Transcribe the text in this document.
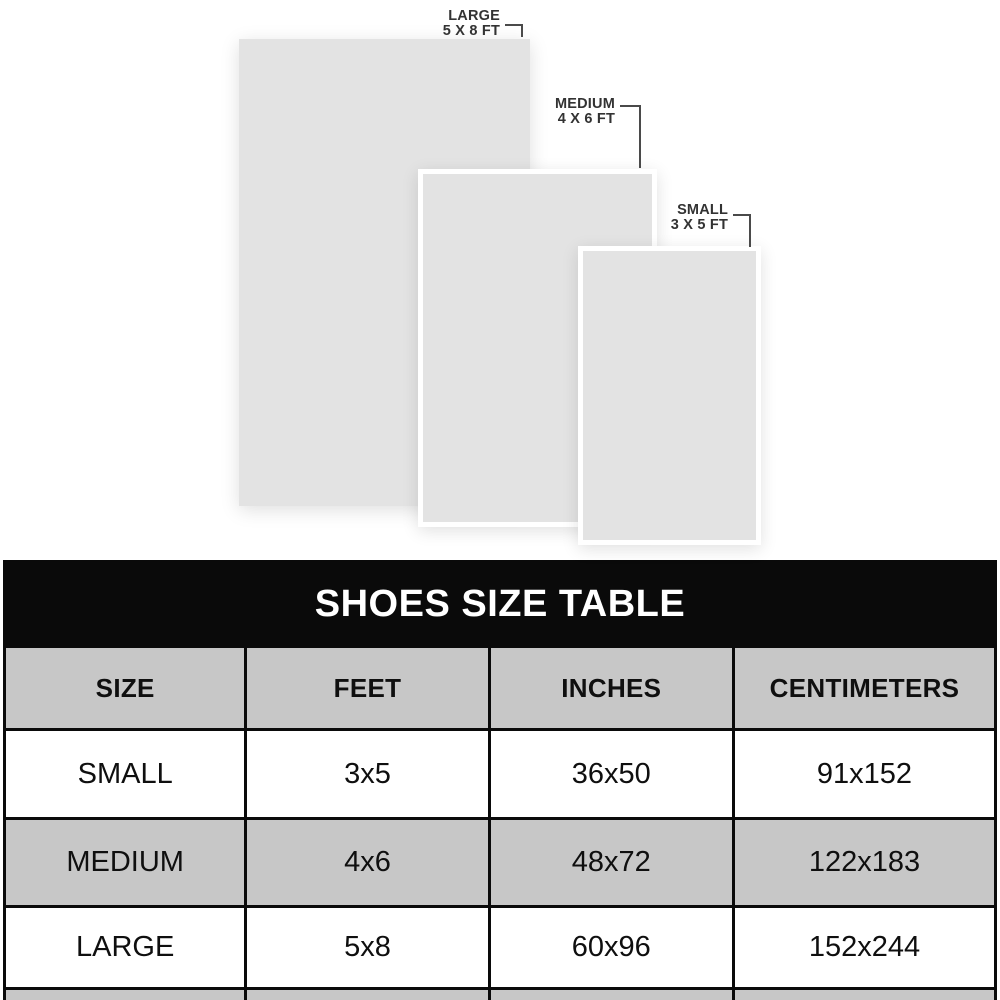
LARGE
5 X 8 FT
MEDIUM
4 X 6 FT
SMALL
3 X 5 FT
SHOES SIZE TABLE
SIZE	FEET	INCHES	CENTIMETERS
SMALL	3x5	36x50	91x152
MEDIUM	4x6	48x72	122x183
LARGE	5x8	60x96	152x244
